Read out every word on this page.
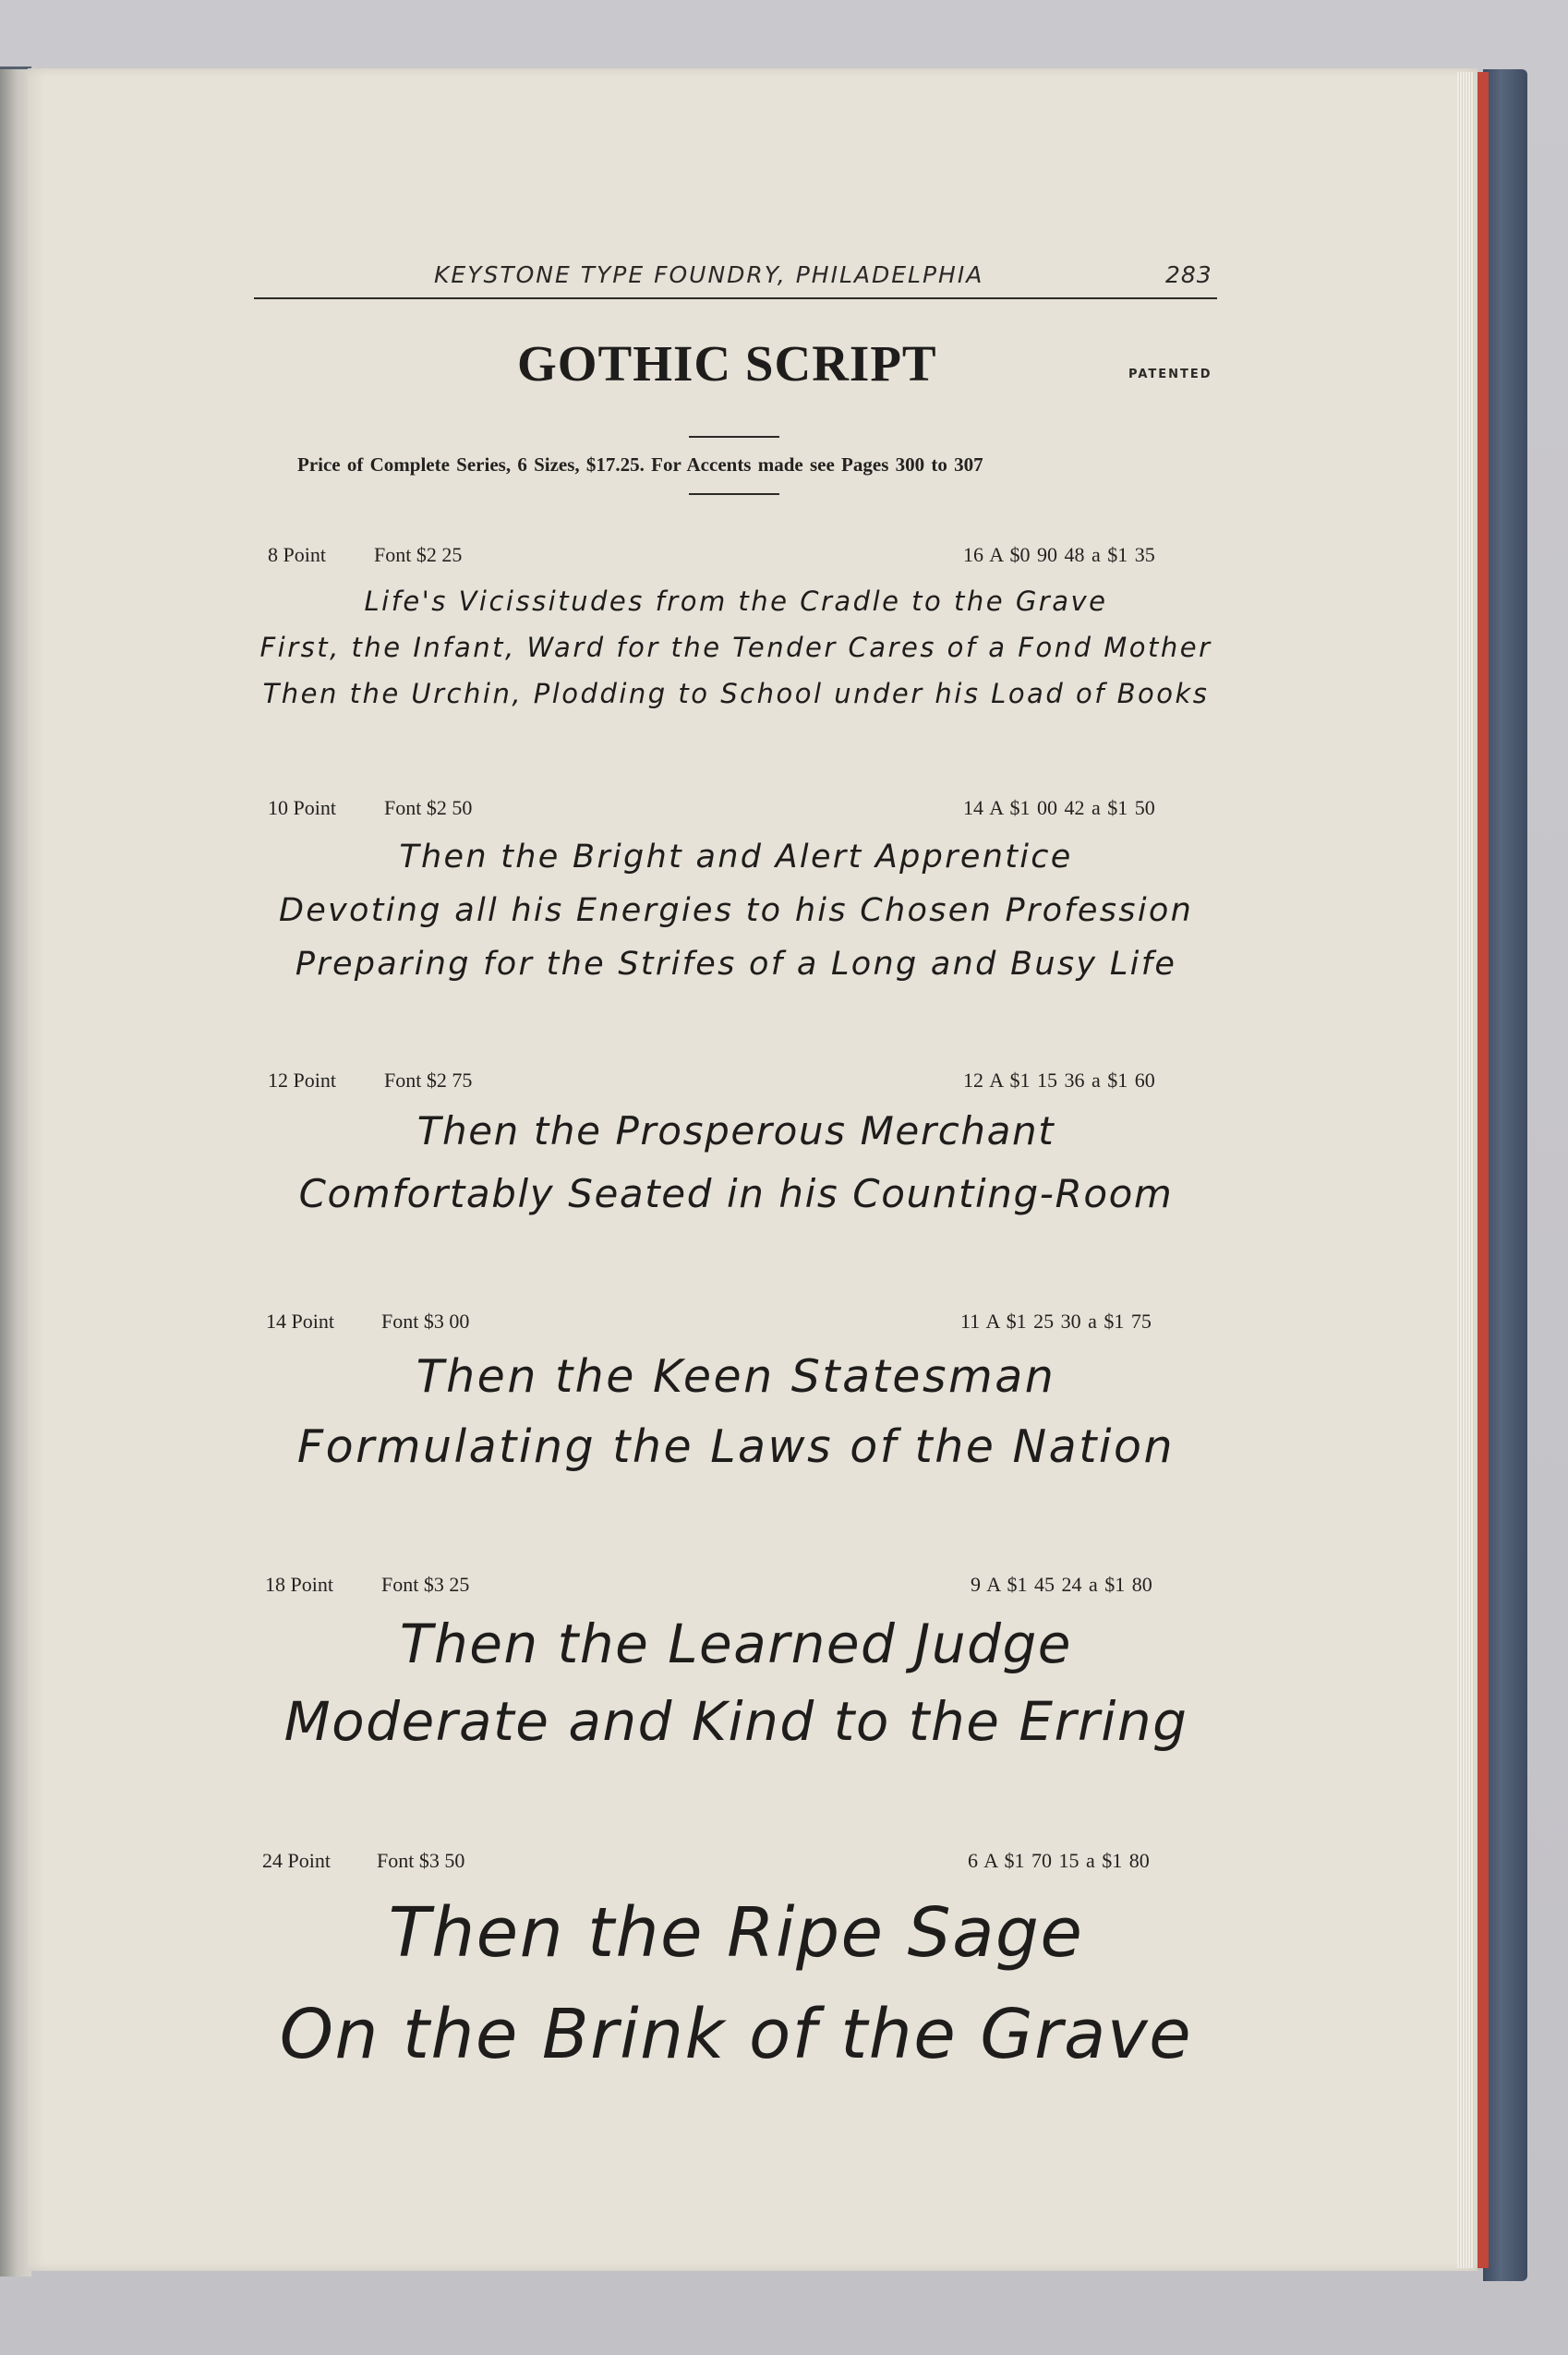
KEYSTONE TYPE FOUNDRY, PHILADELPHIA	283
GOTHIC SCRIPT	PATENTED
Price of Complete Series, 6 Sizes, $17.25. For Accents made see Pages 300 to 307
8 Point Font $2 25	16 A $0 90 48 a $1 35
Life's Vicissitudes from the Cradle to the Grave
First, the Infant, Ward for the Tender Cares of a Fond Mother
Then the Urchin, Plodding to School under his Load of Books
10 Point Font $2 50	14 A $1 00 42 a $1 50
Then the Bright and Alert Apprentice
Devoting all his Energies to his Chosen Profession
Preparing for the Strifes of a Long and Busy Life
12 Point Font $2 75	12 A $1 15 36 a $1 60
Then the Prosperous Merchant
Comfortably Seated in his Counting-Room
14 Point Font $3 00	11 A $1 25 30 a $1 75
Then the Keen Statesman
Formulating the Laws of the Nation
18 Point Font $3 25	9 A $1 45 24 a $1 80
Then the Learned Judge
Moderate and Kind to the Erring
24 Point Font $3 50	6 A $1 70 15 a $1 80
Then the Ripe Sage
On the Brink of the Grave
